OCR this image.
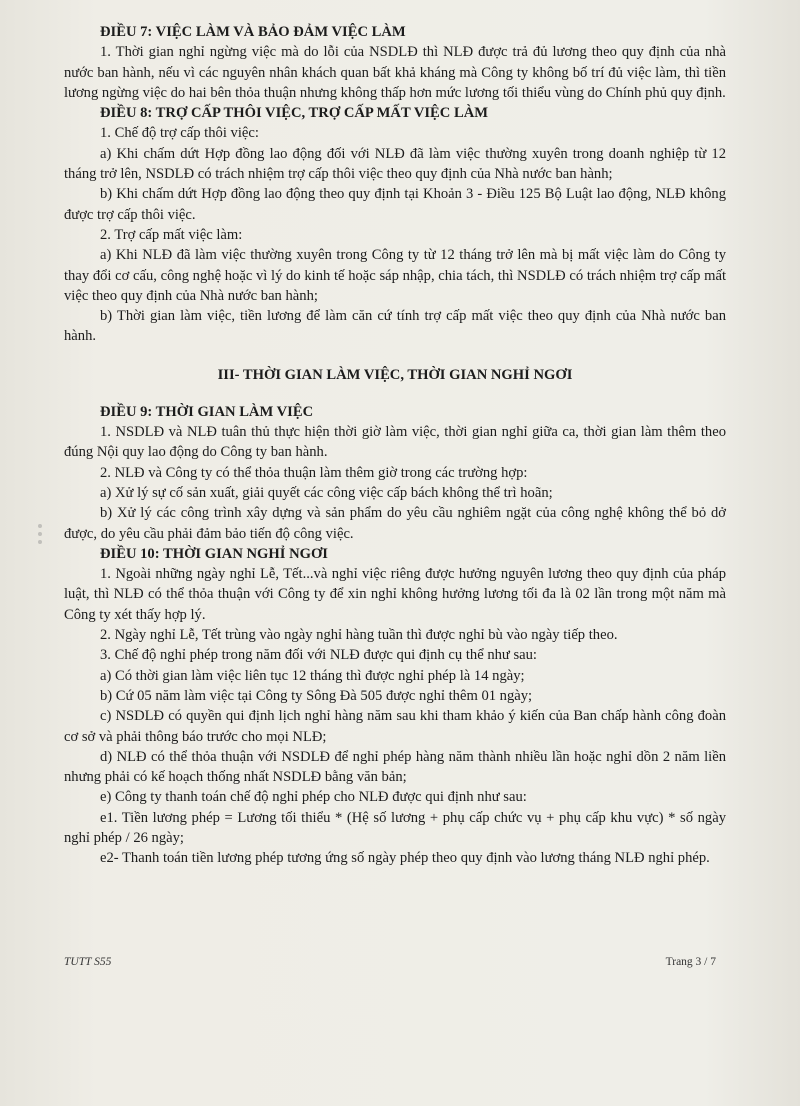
ĐIỀU 7: VIỆC LÀM VÀ BẢO ĐẢM VIỆC LÀM

1. Thời gian nghỉ ngừng việc mà do lỗi của NSDLĐ thì NLĐ được trả đủ lương theo quy định của nhà nước ban hành, nếu vì các nguyên nhân khách quan bất khả kháng mà Công ty không bố trí đủ việc làm, thì tiền lương ngừng việc do hai bên thỏa thuận nhưng không thấp hơn mức lương tối thiểu vùng do Chính phủ quy định.

ĐIỀU 8: TRỢ CẤP THÔI VIỆC, TRỢ CẤP MẤT VIỆC LÀM

1. Chế độ trợ cấp thôi việc:

a) Khi chấm dứt Hợp đồng lao động đối với NLĐ đã làm việc thường xuyên trong doanh nghiệp từ 12 tháng trở lên, NSDLĐ có trách nhiệm trợ cấp thôi việc theo quy định của Nhà nước ban hành;

b) Khi chấm dứt Hợp đồng lao động theo quy định tại Khoản 3 - Điều 125 Bộ Luật lao động, NLĐ không được trợ cấp thôi việc.

2. Trợ cấp mất việc làm:

a) Khi NLĐ đã làm việc thường xuyên trong Công ty từ 12 tháng trở lên mà bị mất việc làm do Công ty thay đổi cơ cấu, công nghệ hoặc vì lý do kinh tế hoặc sáp nhập, chia tách, thì NSDLĐ có trách nhiệm trợ cấp mất việc theo quy định của Nhà nước ban hành;

b) Thời gian làm việc, tiền lương để làm căn cứ tính trợ cấp mất việc theo quy định của Nhà nước ban hành.

III- THỜI GIAN LÀM VIỆC, THỜI GIAN NGHỈ NGƠI
ĐIỀU 9: THỜI GIAN LÀM VIỆC

1. NSDLĐ và NLĐ tuân thủ thực hiện thời giờ làm việc, thời gian nghỉ giữa ca, thời gian làm thêm theo đúng Nội quy lao động do Công ty ban hành.

2. NLĐ và Công ty có thể thỏa thuận làm thêm giờ trong các trường hợp:

a) Xử lý sự cố sản xuất, giải quyết các công việc cấp bách không thể trì hoãn;

b) Xử lý các công trình xây dựng và sản phẩm do yêu cầu nghiêm ngặt của công nghệ không thể bỏ dở được, do yêu cầu phải đảm bảo tiến độ công việc.

ĐIỀU 10: THỜI GIAN NGHỈ NGƠI

1. Ngoài những ngày nghỉ Lễ, Tết...và nghỉ việc riêng được hưởng nguyên lương theo quy định của pháp luật, thì NLĐ có thể thỏa thuận với Công ty để xin nghỉ không hưởng lương tối đa là 02 lần trong một năm mà Công ty xét thấy hợp lý.

2. Ngày nghỉ Lễ, Tết trùng vào ngày nghỉ hàng tuần thì được nghỉ bù vào ngày tiếp theo.

3. Chế độ nghỉ phép trong năm đối với NLĐ được qui định cụ thể như sau:

a) Có thời gian làm việc liên tục 12 tháng thì được nghỉ phép là 14 ngày;

b) Cứ 05 năm làm việc tại Công ty Sông Đà 505 được nghỉ thêm 01 ngày;

c) NSDLĐ có quyền qui định lịch nghỉ hàng năm sau khi tham khảo ý kiến của Ban chấp hành công đoàn cơ sở và phải thông báo trước cho mọi NLĐ;

d) NLĐ có thể thỏa thuận với NSDLĐ để nghỉ phép hàng năm thành nhiều lần hoặc nghỉ dồn 2 năm liền nhưng phải có kế hoạch thống nhất NSDLĐ bằng văn bản;

e) Công ty thanh toán chế độ nghỉ phép cho NLĐ được qui định như sau:

e1. Tiền lương phép = Lương tối thiểu * (Hệ số lương + phụ cấp chức vụ + phụ cấp khu vực) * số ngày nghỉ phép / 26 ngày;

e2- Thanh toán tiền lương phép tương ứng số ngày phép theo quy định vào lương tháng NLĐ nghỉ phép.

TUTT S55	Trang 3 / 7
